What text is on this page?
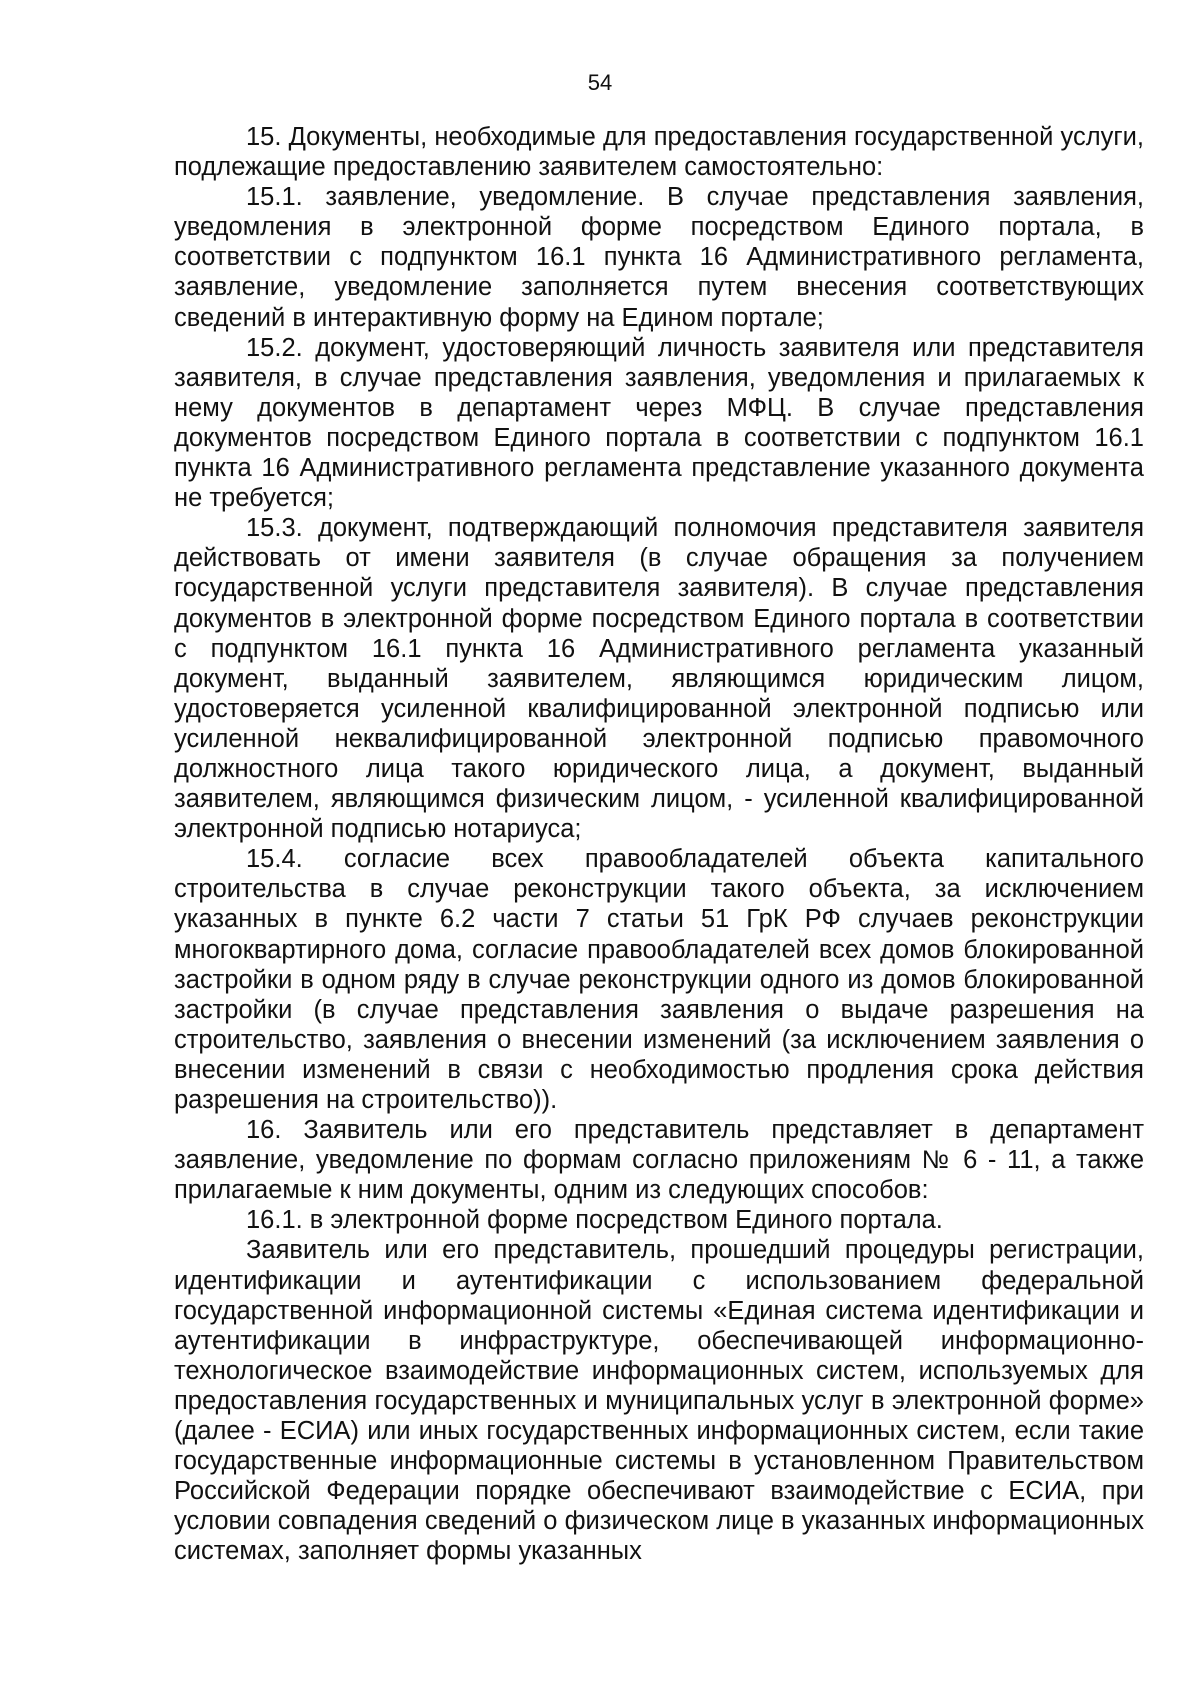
54

15. Документы, необходимые для предоставления государственной услуги, подлежащие предоставлению заявителем самостоятельно:

15.1. заявление, уведомление. В случае представления заявления, уведомления в электронной форме посредством Единого портала, в соответствии с подпунктом 16.1 пункта 16 Административного регламента, заявление, уведомление заполняется путем внесения соответствующих сведений в интерактивную форму на Едином портале;

15.2. документ, удостоверяющий личность заявителя или представителя заявителя, в случае представления заявления, уведомления и прилагаемых к нему документов в департамент через МФЦ. В случае представления документов посредством Единого портала в соответствии с подпунктом 16.1 пункта 16 Административного регламента представление указанного документа не требуется;

15.3. документ, подтверждающий полномочия представителя заявителя действовать от имени заявителя (в случае обращения за получением государственной услуги представителя заявителя). В случае представления документов в электронной форме посредством Единого портала в соответствии с подпунктом 16.1 пункта 16 Административного регламента указанный документ, выданный заявителем, являющимся юридическим лицом, удостоверяется усиленной квалифицированной электронной подписью или усиленной неквалифицированной электронной подписью правомочного должностного лица такого юридического лица, а документ, выданный заявителем, являющимся физическим лицом, - усиленной квалифицированной электронной подписью нотариуса;

15.4. согласие всех правообладателей объекта капитального строительства в случае реконструкции такого объекта, за исключением указанных в пункте 6.2 части 7 статьи 51 ГрК РФ случаев реконструкции многоквартирного дома, согласие правообладателей всех домов блокированной застройки в одном ряду в случае реконструкции одного из домов блокированной застройки (в случае представления заявления о выдаче разрешения на строительство, заявления о внесении изменений (за исключением заявления о внесении изменений в связи с необходимостью продления срока действия разрешения на строительство)).

16. Заявитель или его представитель представляет в департамент заявление, уведомление по формам согласно приложениям № 6 - 11, а также прилагаемые к ним документы, одним из следующих способов:

16.1. в электронной форме посредством Единого портала.

Заявитель или его представитель, прошедший процедуры регистрации, идентификации и аутентификации с использованием федеральной государственной информационной системы «Единая система идентификации и аутентификации в инфраструктуре, обеспечивающей информационно-технологическое взаимодействие информационных систем, используемых для предоставления государственных и муниципальных услуг в электронной форме» (далее - ЕСИА) или иных государственных информационных систем, если такие государственные информационные системы в установленном Правительством Российской Федерации порядке обеспечивают взаимодействие с ЕСИА, при условии совпадения сведений о физическом лице в указанных информационных системах, заполняет формы указанных
